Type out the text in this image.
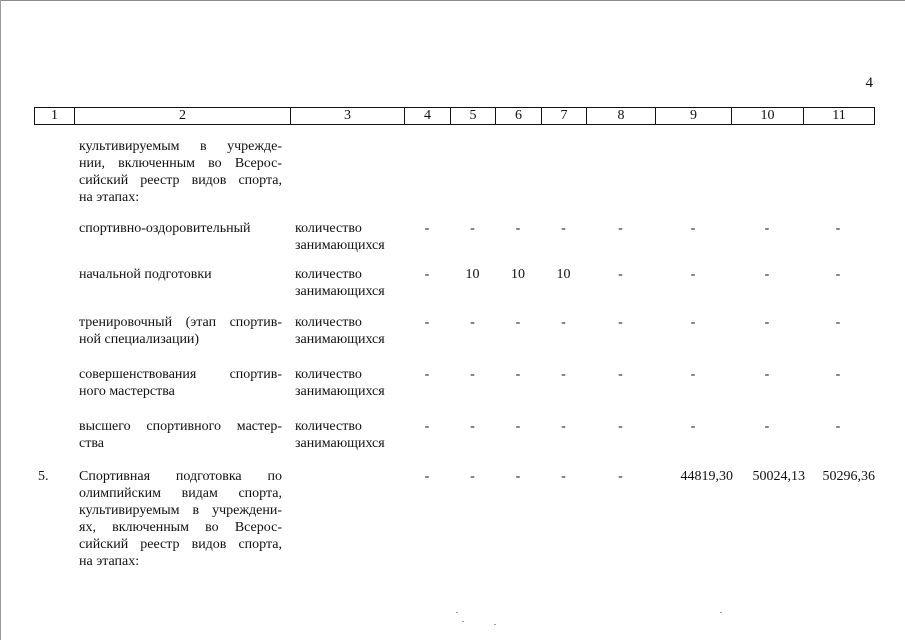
4
1	2	3	4	5	6	7	8	9	10	11
культивируемым в учрежде-
нии, включенным во Всерос-
сийский реестр видов спорта,
на этапах:
спортивно-оздоровительный	количество
занимающихся
-	-	-	-	-	-	-	-
начальной подготовки	количество
занимающихся
-	10	10	10	-	-	-	-
тренировочный (этап спортив-
ной специализации)
количество
занимающихся
-	-	-	-	-	-	-	-
совершенствования спортив-
ного мастерства
количество
занимающихся
-	-	-	-	-	-	-	-
высшего спортивного мастер-
ства
количество
занимающихся
-	-	-	-	-	-	-	-
5.	Спортивная подготовка по
олимпийским видам спорта,
культивируемым в учреждени-
ях, включенным во Всерос-
сийский реестр видов спорта,
на этапах:
-	-	-	-	-	44819,30	50024,13	50296,36
